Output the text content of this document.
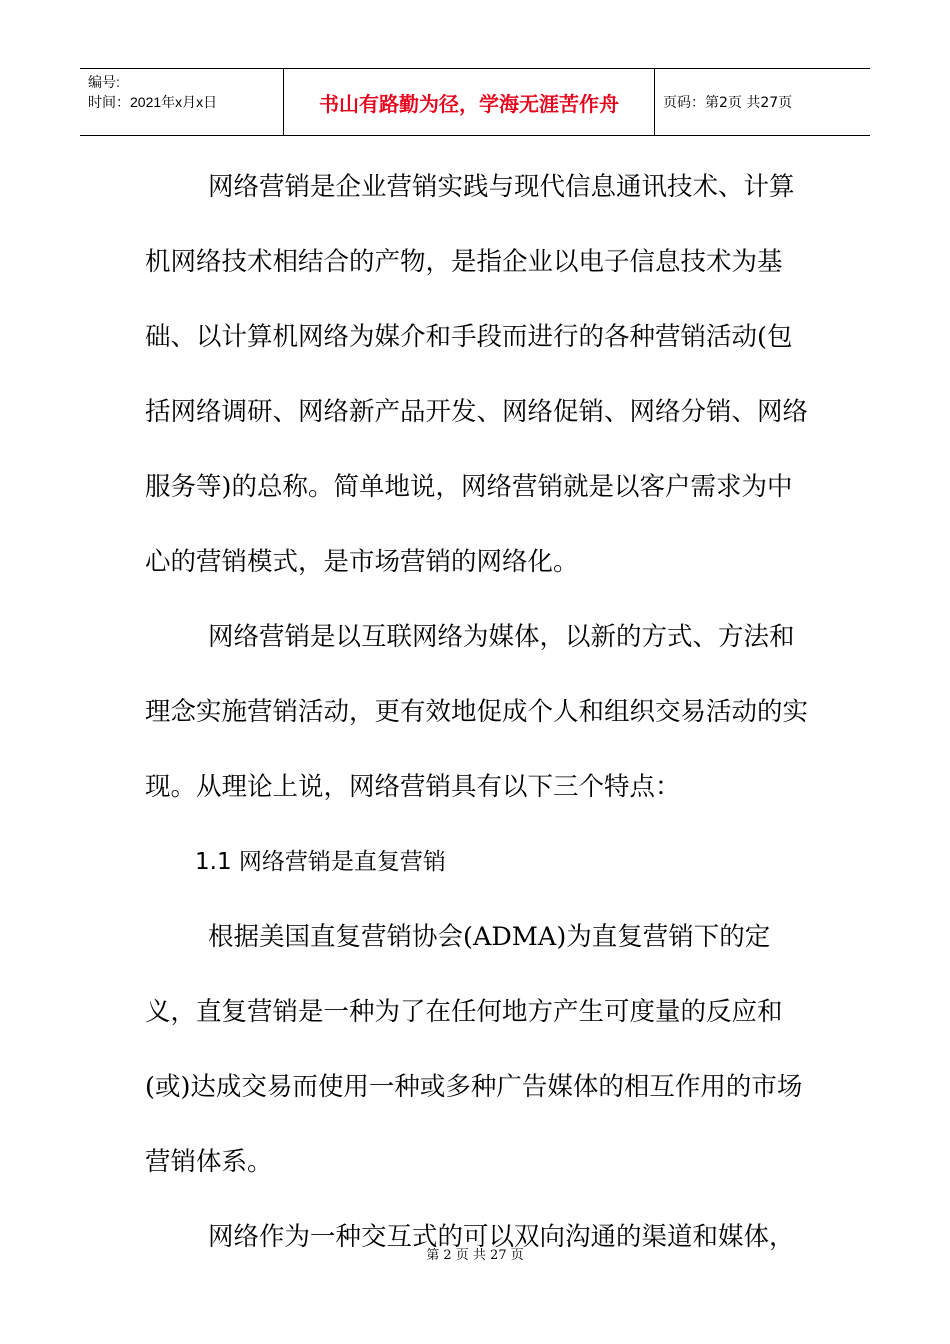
编号:
时间：2021年x月x日	书山有路勤为径，学海无涯苦作舟	页码：第2页 共27页

网络营销是企业营销实践与现代信息通讯技术、计算机网络技术相结合的产物，是指企业以电子信息技术为基础、以计算机网络为媒介和手段而进行的各种营销活动(包括网络调研、网络新产品开发、网络促销、网络分销、网络服务等)的总称。简单地说，网络营销就是以客户需求为中心的营销模式，是市场营销的网络化。

网络营销是以互联网络为媒体，以新的方式、方法和理念实施营销活动，更有效地促成个人和组织交易活动的实现。从理论上说，网络营销具有以下三个特点：

1.1 网络营销是直复营销

根据美国直复营销协会(ADMA)为直复营销下的定义，直复营销是一种为了在任何地方产生可度量的反应和(或)达成交易而使用一种或多种广告媒体的相互作用的市场营销体系。

网络作为一种交互式的可以双向沟通的渠道和媒体，

第 2 页 共 27 页
